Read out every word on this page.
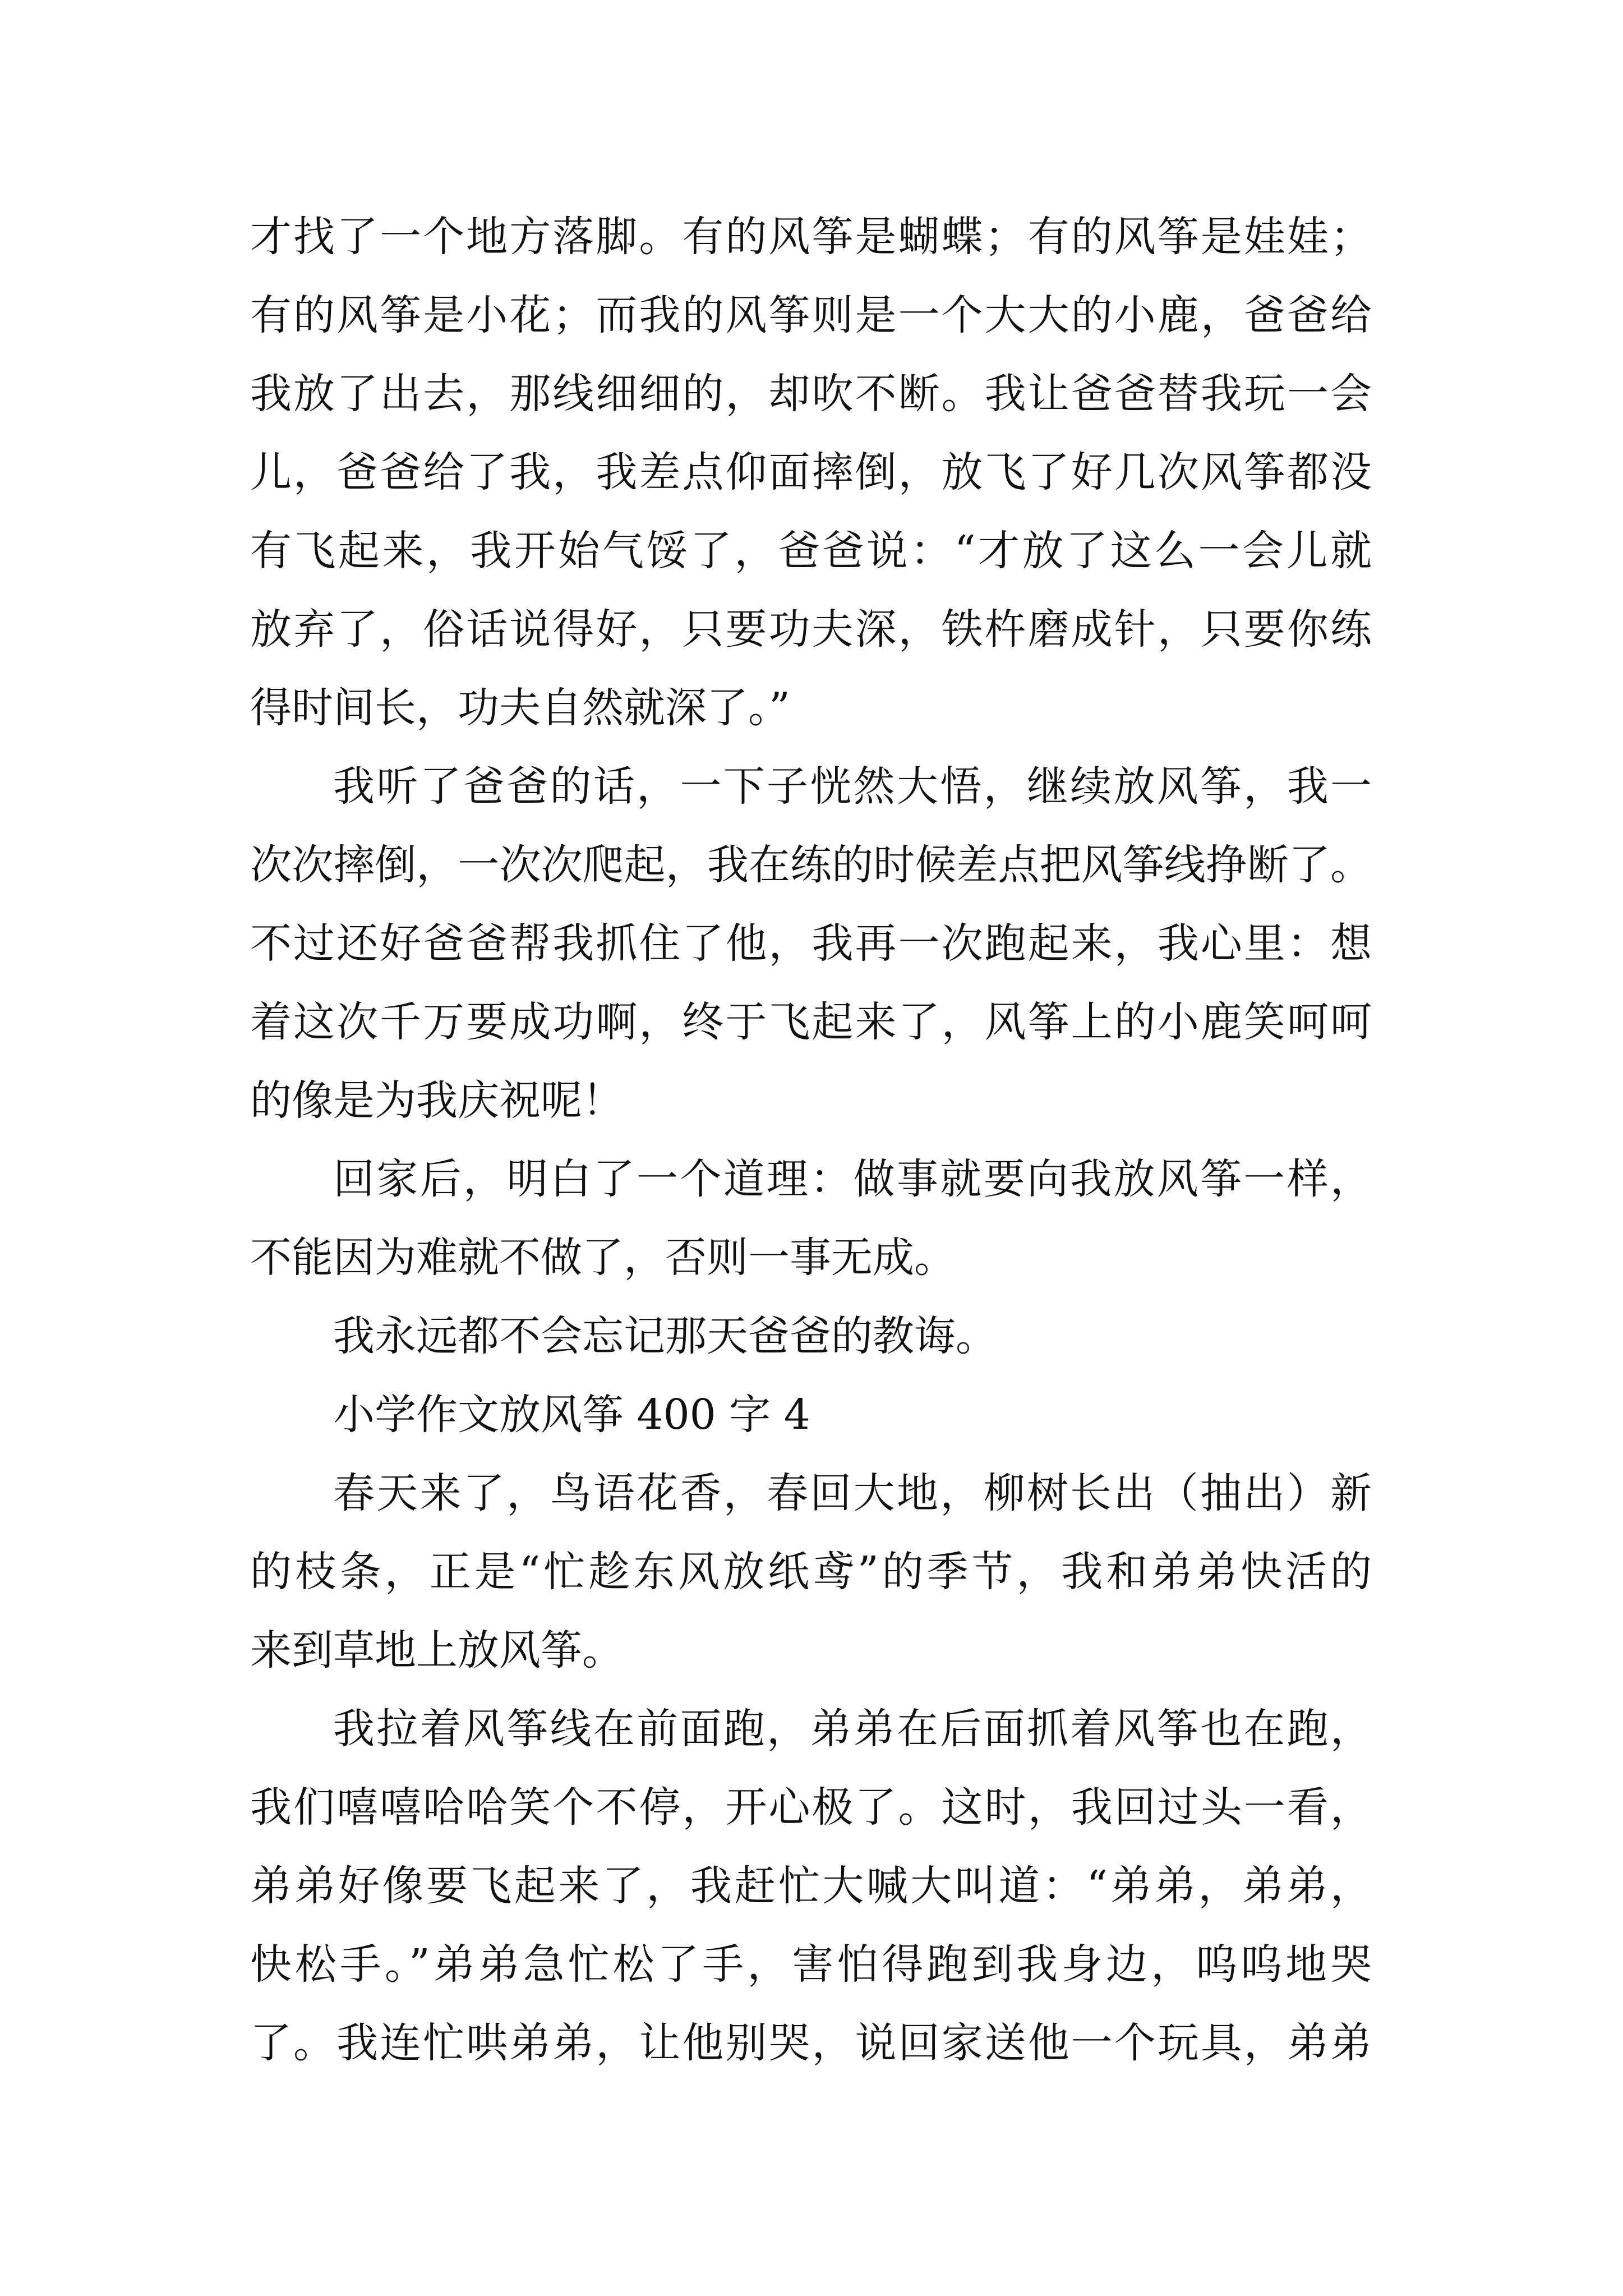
才找了一个地方落脚。有的风筝是蝴蝶；有的风筝是娃娃；
有的风筝是小花；而我的风筝则是一个大大的小鹿，爸爸给
我放了出去，那线细细的，却吹不断。我让爸爸替我玩一会
儿，爸爸给了我，我差点仰面摔倒，放飞了好几次风筝都没
有飞起来，我开始气馁了，爸爸说：“才放了这么一会儿就
放弃了，俗话说得好，只要功夫深，铁杵磨成针，只要你练
得时间长，功夫自然就深了。”
我听了爸爸的话，一下子恍然大悟，继续放风筝，我一
次次摔倒，一次次爬起，我在练的时候差点把风筝线挣断了。
不过还好爸爸帮我抓住了他，我再一次跑起来，我心里：想
着这次千万要成功啊，终于飞起来了，风筝上的小鹿笑呵呵
的像是为我庆祝呢！
回家后，明白了一个道理：做事就要向我放风筝一样，
不能因为难就不做了，否则一事无成。
我永远都不会忘记那天爸爸的教诲。
小学作文放风筝 400 字 4
春天来了，鸟语花香，春回大地，柳树长出（抽出）新
的枝条，正是“忙趁东风放纸鸢”的季节，我和弟弟快活的
来到草地上放风筝。
我拉着风筝线在前面跑，弟弟在后面抓着风筝也在跑，
我们嘻嘻哈哈笑个不停，开心极了。这时，我回过头一看，
弟弟好像要飞起来了，我赶忙大喊大叫道：“弟弟，弟弟，
快松手。”弟弟急忙松了手，害怕得跑到我身边，呜呜地哭
了。我连忙哄弟弟，让他别哭，说回家送他一个玩具，弟弟
